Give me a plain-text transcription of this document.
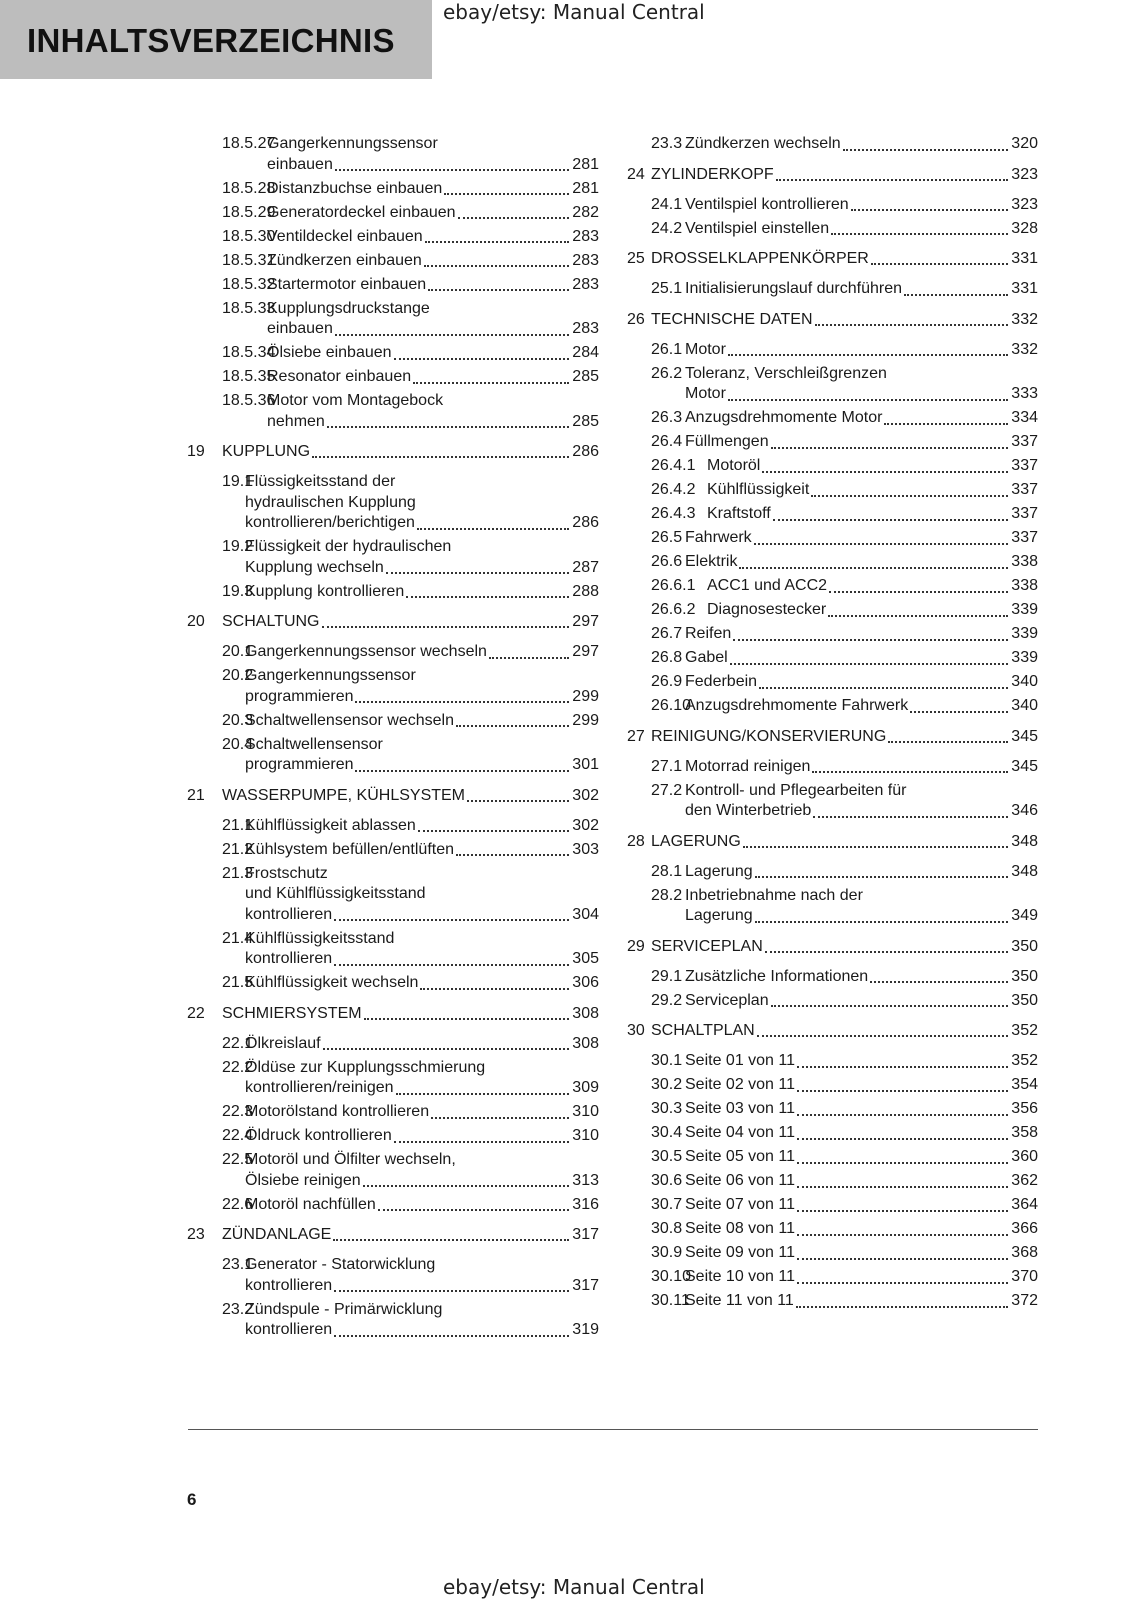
INHALTSVERZEICHNIS
ebay/etsy: Manual Central
18.5.27
Gangerkennungssensor
einbauen	281
18.5.28
Distanzbuchse einbauen	281
18.5.29
Generatordeckel einbauen	282
18.5.30
Ventildeckel einbauen	283
18.5.31
Zündkerzen einbauen	283
18.5.32
Startermotor einbauen	283
18.5.33
Kupplungsdruckstange
einbauen	283
18.5.34
Ölsiebe einbauen	284
18.5.35
Resonator einbauen	285
18.5.36
Motor vom Montagebock
nehmen	285
19 KUPPLUNG	286
19.1
Flüssigkeitsstand der
hydraulischen Kupplung
kontrollieren/berichtigen	286
19.2
Flüssigkeit der hydraulischen
Kupplung wechseln	287
19.3
Kupplung kontrollieren	288
20 SCHALTUNG	297
20.1
Gangerkennungssensor wechseln	297
20.2
Gangerkennungssensor
programmieren	299
20.3
Schaltwellensensor wechseln	299
20.4
Schaltwellensensor
programmieren	301
21 WASSERPUMPE, KÜHLSYSTEM	302
21.1
Kühlflüssigkeit ablassen	302
21.2
Kühlsystem befüllen/entlüften	303
21.3
Frostschutz
und Kühlflüssigkeitsstand
kontrollieren	304
21.4
Kühlflüssigkeitsstand
kontrollieren	305
21.5
Kühlflüssigkeit wechseln	306
22 SCHMIERSYSTEM	308
22.1
Ölkreislauf	308
22.2
Öldüse zur Kupplungsschmierung
kontrollieren/reinigen	309
22.3
Motorölstand kontrollieren	310
22.4
Öldruck kontrollieren	310
22.5
Motoröl und Ölfilter wechseln,
Ölsiebe reinigen	313
22.6
Motoröl nachfüllen	316
23 ZÜNDANLAGE	317
23.1
Generator - Statorwicklung
kontrollieren	317
23.2
Zündspule - Primärwicklung
kontrollieren	319
23.3 Zündkerzen wechseln	320
24 ZYLINDERKOPF	323
24.1 Ventilspiel kontrollieren	323
24.2 Ventilspiel einstellen	328
25 DROSSELKLAPPENKÖRPER	331
25.1 Initialisierungslauf durchführen	331
26 TECHNISCHE DATEN	332
26.1 Motor	332
26.2 Toleranz, Verschleißgrenzen
Motor	333
26.3 Anzugsdrehmomente Motor	334
26.4 Füllmengen	337
26.4.1 Motoröl	337
26.4.2 Kühlflüssigkeit	337
26.4.3 Kraftstoff	337
26.5 Fahrwerk	337
26.6 Elektrik	338
26.6.1 ACC1 und ACC2	338
26.6.2 Diagnosestecker	339
26.7 Reifen	339
26.8 Gabel	339
26.9 Federbein	340
26.10
Anzugsdrehmomente Fahrwerk	340
27 REINIGUNG/KONSERVIERUNG	345
27.1 Motorrad reinigen	345
27.2 Kontroll- und Pflegearbeiten für
den Winterbetrieb	346
28 LAGERUNG	348
28.1 Lagerung	348
28.2 Inbetriebnahme nach der
Lagerung	349
29 SERVICEPLAN	350
29.1 Zusätzliche Informationen	350
29.2 Serviceplan	350
30 SCHALTPLAN	352
30.1 Seite 01 von 11	352
30.2 Seite 02 von 11	354
30.3 Seite 03 von 11	356
30.4 Seite 04 von 11	358
30.5 Seite 05 von 11	360
30.6 Seite 06 von 11	362
30.7 Seite 07 von 11	364
30.8 Seite 08 von 11	366
30.9 Seite 09 von 11	368
30.10
Seite 10 von 11	370
30.11
Seite 11 von 11	372
6
ebay/etsy: Manual Central
